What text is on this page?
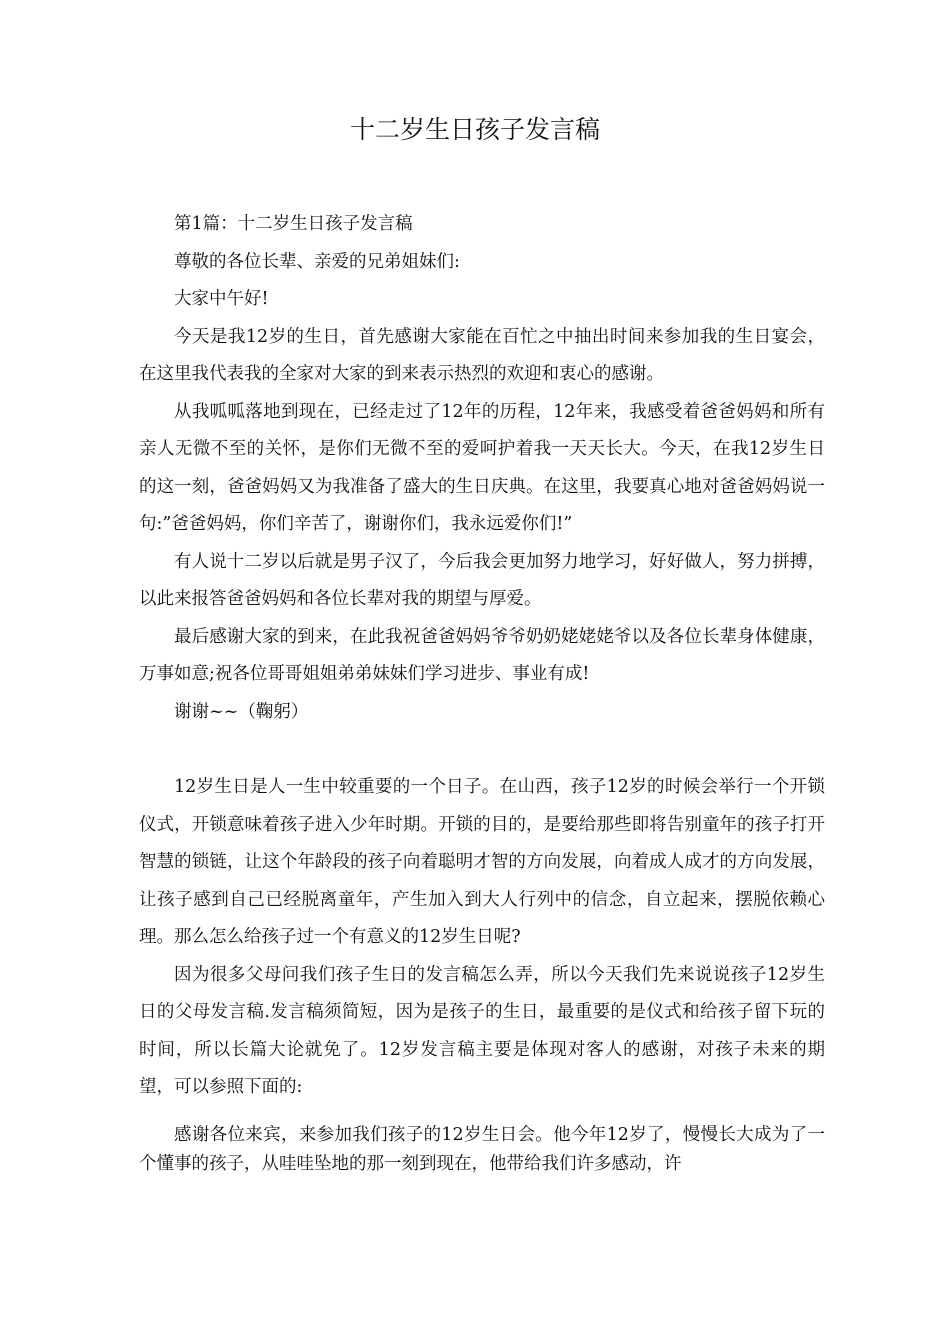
十二岁生日孩子发言稿

第1篇：十二岁生日孩子发言稿

尊敬的各位长辈、亲爱的兄弟姐妹们:

大家中午好!

今天是我12岁的生日，首先感谢大家能在百忙之中抽出时间来参加我的生日宴会，在这里我代表我的全家对大家的到来表示热烈的欢迎和衷心的感谢。

从我呱呱落地到现在，已经走过了12年的历程，12年来，我感受着爸爸妈妈和所有亲人无微不至的关怀，是你们无微不至的爱呵护着我一天天长大。今天，在我12岁生日的这一刻，爸爸妈妈又为我准备了盛大的生日庆典。在这里，我要真心地对爸爸妈妈说一句:”爸爸妈妈，你们辛苦了，谢谢你们，我永远爱你们!”

有人说十二岁以后就是男子汉了，今后我会更加努力地学习，好好做人，努力拼搏，以此来报答爸爸妈妈和各位长辈对我的期望与厚爱。

最后感谢大家的到来，在此我祝爸爸妈妈爷爷奶奶姥姥姥爷以及各位长辈身体健康，万事如意;祝各位哥哥姐姐弟弟妹妹们学习进步、事业有成!

谢谢~~（鞠躬）

12岁生日是人一生中较重要的一个日子。在山西，孩子12岁的时候会举行一个开锁仪式，开锁意味着孩子进入少年时期。开锁的目的，是要给那些即将告别童年的孩子打开智慧的锁链，让这个年龄段的孩子向着聪明才智的方向发展，向着成人成才的方向发展，让孩子感到自己已经脱离童年，产生加入到大人行列中的信念，自立起来，摆脱依赖心理。那么怎么给孩子过一个有意义的12岁生日呢?

因为很多父母问我们孩子生日的发言稿怎么弄，所以今天我们先来说说孩子12岁生日的父母发言稿.发言稿须简短，因为是孩子的生日，最重要的是仪式和给孩子留下玩的时间，所以长篇大论就免了。12岁发言稿主要是体现对客人的感谢，对孩子未来的期望，可以参照下面的:

感谢各位来宾，来参加我们孩子的12岁生日会。他今年12岁了，慢慢长大成为了一个懂事的孩子，从哇哇坠地的那一刻到现在，他带给我们许多感动，许
